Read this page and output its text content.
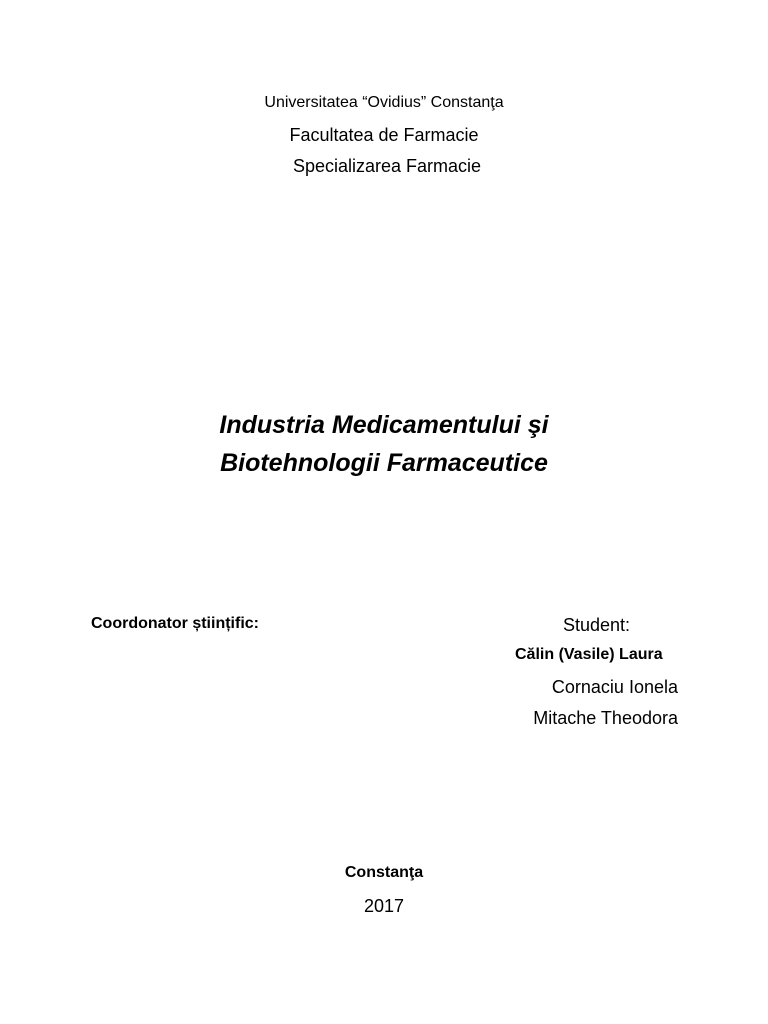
Universitatea “Ovidius” Constanţa
Facultatea de Farmacie
Specializarea Farmacie
Industria Medicamentului şi
Biotehnologii Farmaceutice
Coordonator științific:	Student:
Călin (Vasile) Laura
Cornaciu Ionela
Mitache Theodora
Constanţa
2017
